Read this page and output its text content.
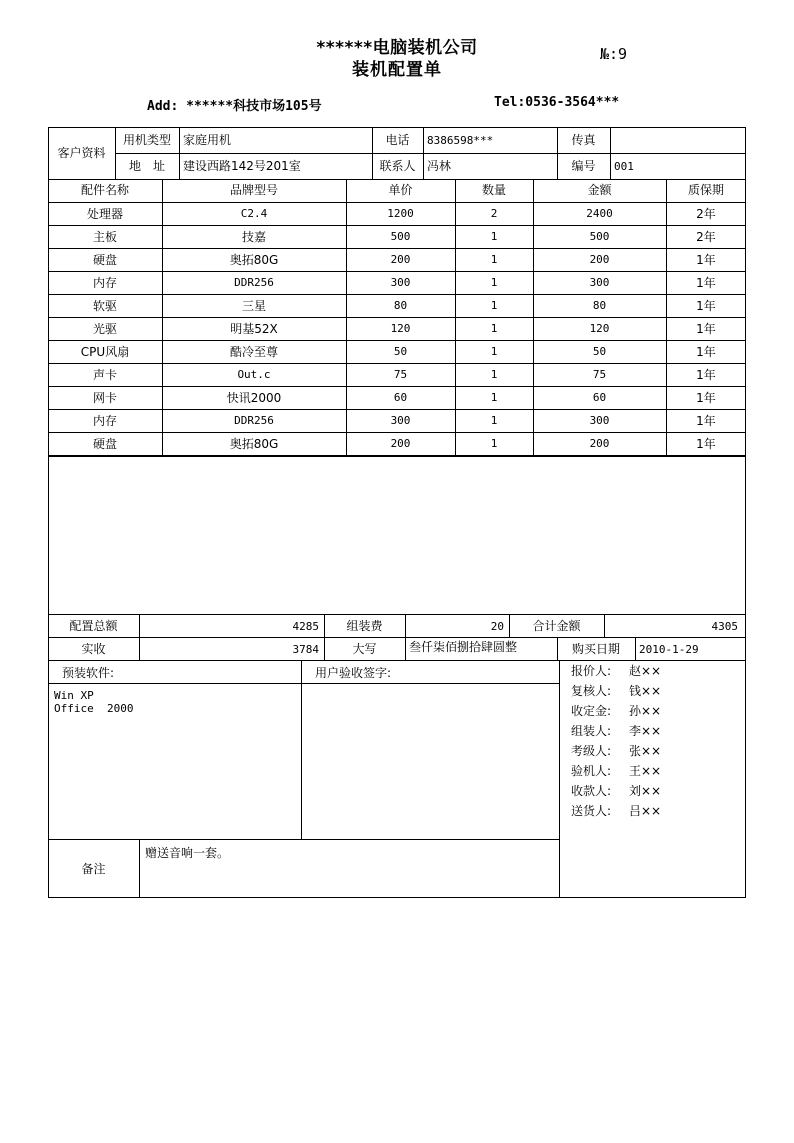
******电脑装机公司
装机配置单
№:9
Add: ******科技市场105号	Tel:0536-3564***
客户资料
用机类型	家庭用机	电话	8386598***	传真
地　址	建设西路142号201室	联系人 冯林	编号	001
配件名称	品牌型号	单价	数量	金额	质保期
处理器	C2.4	1200	2	2400	2年
主板	技嘉	500	1	500	2年
硬盘	奥拓80G	200	1	200	1年
内存	DDR256	300	1	300	1年
软驱	三星	80	1	80	1年
光驱	明基52X	120	1	120	1年
CPU风扇	酷冷至尊	50	1	50	1年
声卡	Out.c	75	1	75	1年
网卡	快讯2000	60	1	60	1年
内存	DDR256	300	1	300	1年
硬盘	奥拓80G	200	1	200	1年
配置总额	4285	组装费	20	合计金额	4305
实收	3784	大写	叁仟柒佰捌拾肆圆整	购买日期	2010-1-29
预装软件:
Win XP
Office  2000
用户验收签字:	报价人: 赵××
复核人: 钱××
收定金: 孙××
组装人: 李××
考级人: 张××
验机人: 王××
收款人: 刘××
送货人: 吕××
备注
赠送音响一套。
